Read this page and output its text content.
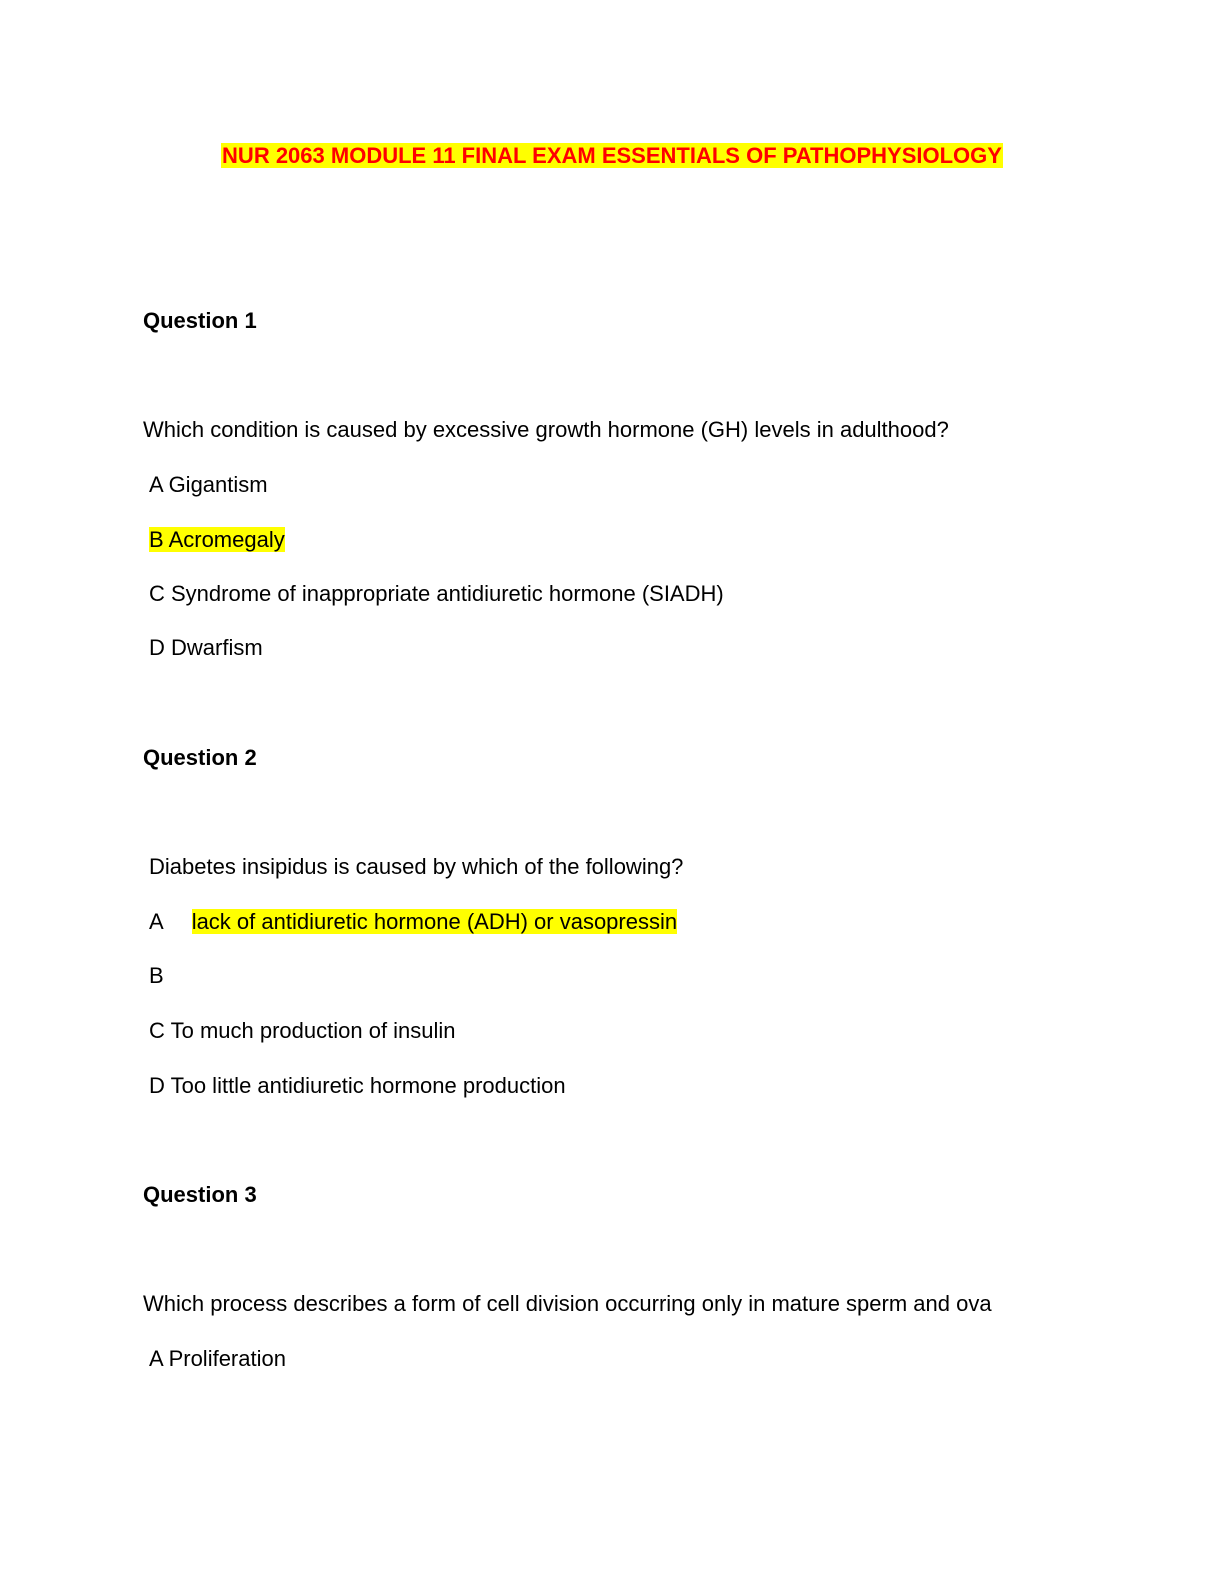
NUR 2063 MODULE 11 FINAL EXAM ESSENTIALS OF PATHOPHYSIOLOGY
Question 1
Which condition is caused by excessive growth hormone (GH) levels in adulthood?
A Gigantism
B Acromegaly
C Syndrome of inappropriate antidiuretic hormone (SIADH)
D Dwarfism
Question 2
Diabetes insipidus is caused by which of the following?
A lack of antidiuretic hormone (ADH) or vasopressin
B
C To much production of insulin
D Too little antidiuretic hormone production
Question 3
Which process describes a form of cell division occurring only in mature sperm and ova
A Proliferation
